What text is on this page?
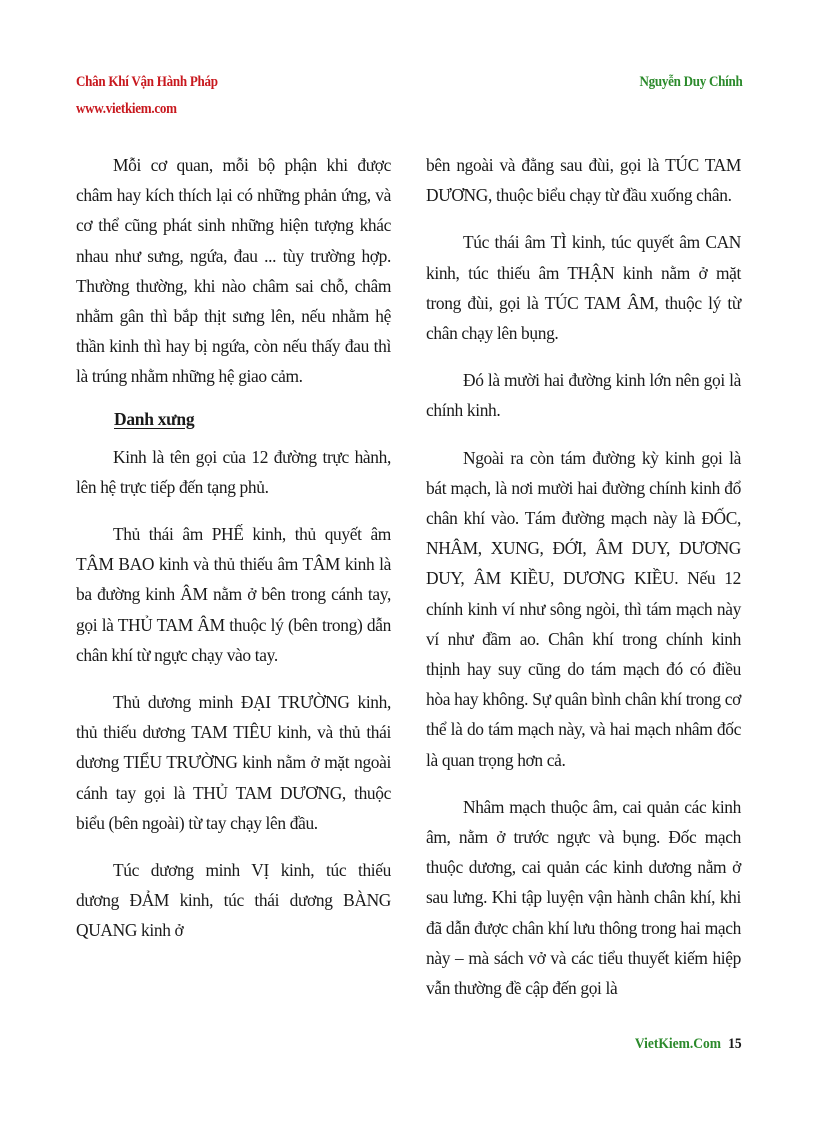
Chân Khí Vận Hành Pháp
www.vietkiem.com
Nguyễn Duy Chính

Mỗi cơ quan, mỗi bộ phận khi được châm hay kích thích lại có những phản ứng, và cơ thể cũng phát sinh những hiện tượng khác nhau như sưng, ngứa, đau ... tùy trường hợp. Thường thường, khi nào châm sai chỗ, châm nhằm gân thì bắp thịt sưng lên, nếu nhằm hệ thần kinh thì hay bị ngứa, còn nếu thấy đau thì là trúng nhằm những hệ giao cảm.

Danh xưng

Kinh là tên gọi của 12 đường trực hành, lên hệ trực tiếp đến tạng phủ.

Thủ thái âm PHẾ kinh, thủ quyết âm TÂM BAO kinh và thủ thiếu âm TÂM kinh là ba đường kinh ÂM nằm ở bên trong cánh tay, gọi là THỦ TAM ÂM thuộc lý (bên trong) dẫn chân khí từ ngực chạy vào tay.

Thủ dương minh ĐẠI TRƯỜNG kinh, thủ thiếu dương TAM TIÊU kinh, và thủ thái dương TIỂU TRƯỜNG kinh nằm ở mặt ngoài cánh tay gọi là THỦ TAM DƯƠNG, thuộc biểu (bên ngoài) từ tay chạy lên đầu.

Túc dương minh VỊ kinh, túc thiếu dương ĐẢM kinh, túc thái dương BÀNG QUANG kinh ở

bên ngoài và đằng sau đùi, gọi là TÚC TAM DƯƠNG, thuộc biểu chạy từ đầu xuống chân.

Túc thái âm TÌ kinh, túc quyết âm CAN kinh, túc thiếu âm THẬN kinh nằm ở mặt trong đùi, gọi là TÚC TAM ÂM, thuộc lý từ chân chạy lên bụng.

Đó là mười hai đường kinh lớn nên gọi là chính kinh.

Ngoài ra còn tám đường kỳ kinh gọi là bát mạch, là nơi mười hai đường chính kinh đổ chân khí vào. Tám đường mạch này là ĐỐC, NHÂM, XUNG, ĐỚI, ÂM DUY, DƯƠNG DUY, ÂM KIỀU, DƯƠNG KIỀU. Nếu 12 chính kinh ví như sông ngòi, thì tám mạch này ví như đầm ao. Chân khí trong chính kinh thịnh hay suy cũng do tám mạch đó có điều hòa hay không. Sự quân bình chân khí trong cơ thể là do tám mạch này, và hai mạch nhâm đốc là quan trọng hơn cả.

Nhâm mạch thuộc âm, cai quản các kinh âm, nằm ở trước ngực và bụng. Đốc mạch thuộc dương, cai quản các kinh dương nằm ở sau lưng. Khi tập luyện vận hành chân khí, khi đã dẫn được chân khí lưu thông trong hai mạch này – mà sách vở và các tiểu thuyết kiếm hiệp vẫn thường đề cập đến gọi là

VietKiem.Com 15
